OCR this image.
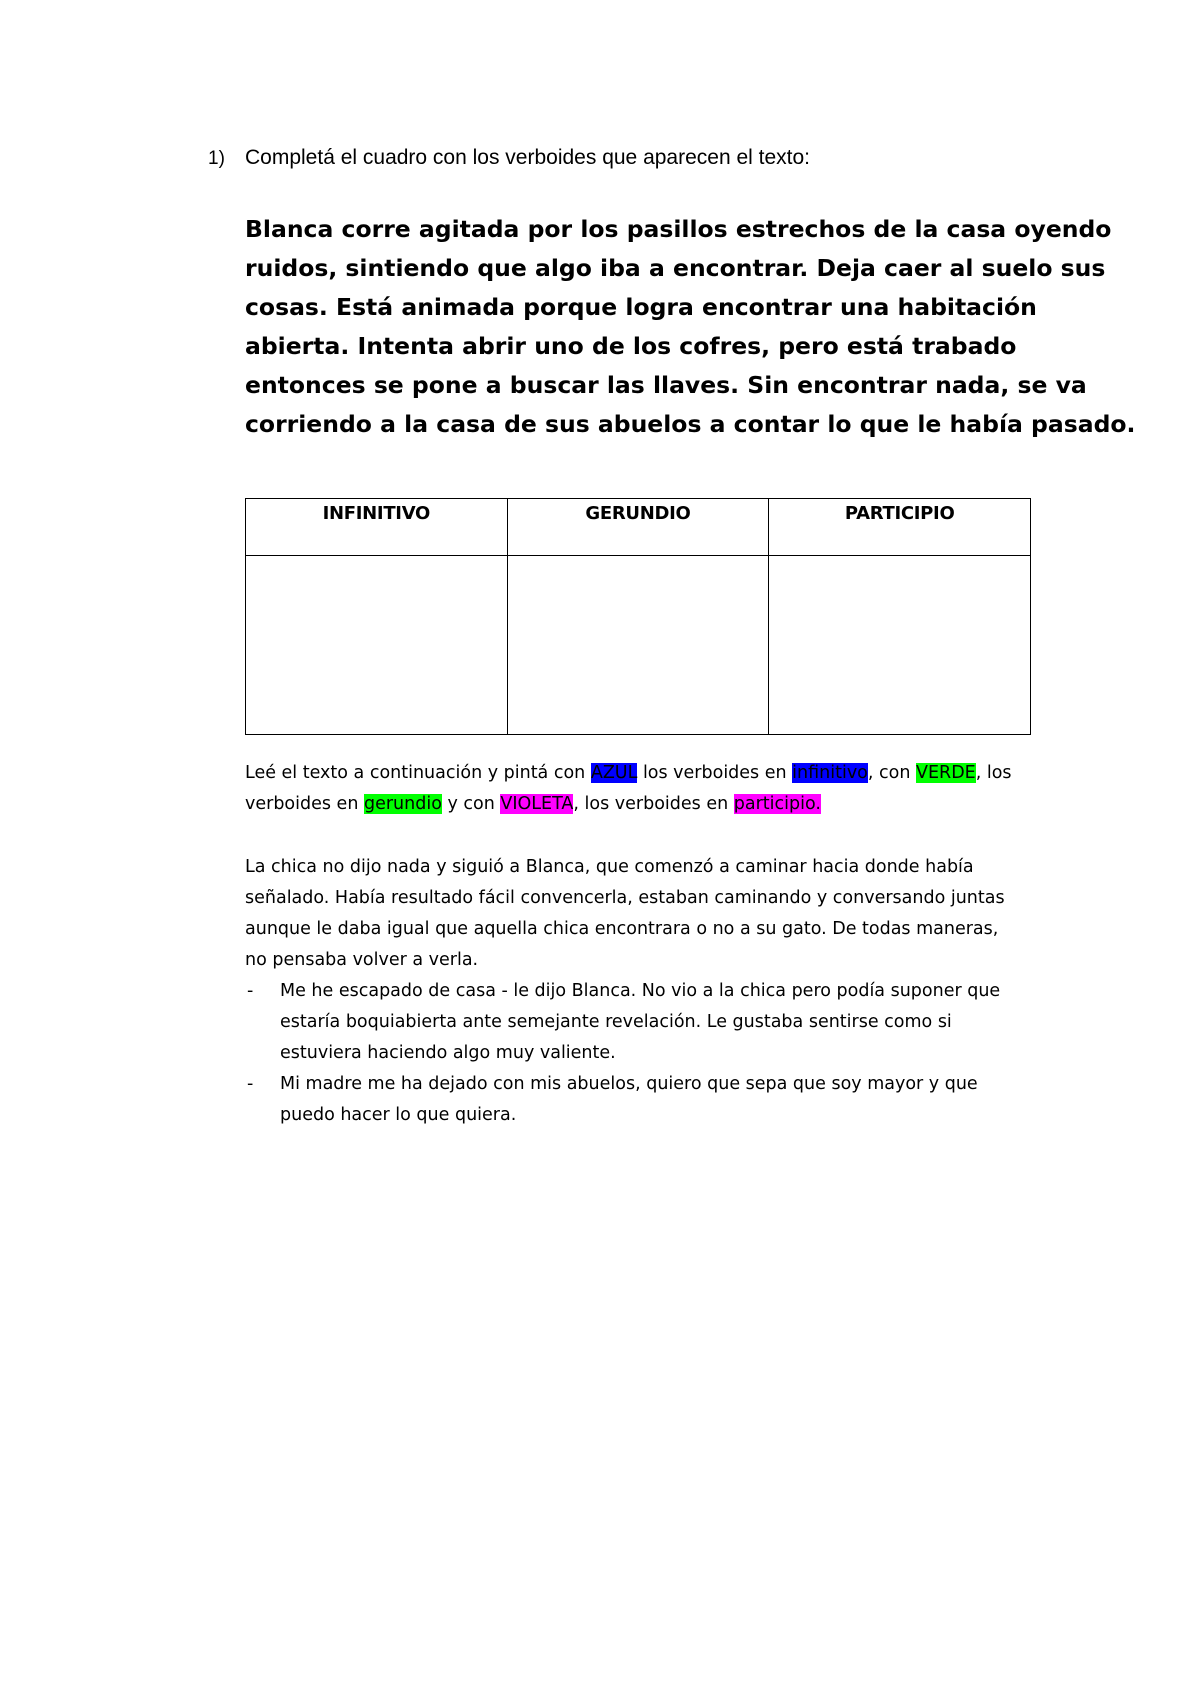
1) Completá el cuadro con los verboides que aparecen el texto:
Blanca corre agitada por los pasillos estrechos de la casa oyendo
ruidos, sintiendo que algo iba a encontrar. Deja caer al suelo sus
cosas. Está animada porque logra encontrar una habitación
abierta. Intenta abrir uno de los cofres, pero está trabado
entonces se pone a buscar las llaves. Sin encontrar nada, se va
corriendo a la casa de sus abuelos a contar lo que le había pasado.
INFINITIVO	GERUNDIO	PARTICIPIO

Leé el texto a continuación y pintá con AZUL los verboides en infinitivo, con VERDE, los
verboides en gerundio y con VIOLETA, los verboides en participio.
La chica no dijo nada y siguió a Blanca, que comenzó a caminar hacia donde había
señalado. Había resultado fácil convencerla, estaban caminando y conversando juntas
aunque le daba igual que aquella chica encontrara o no a su gato. De todas maneras,
no pensaba volver a verla.
- Me he escapado de casa - le dijo Blanca. No vio a la chica pero podía suponer que
estaría boquiabierta ante semejante revelación. Le gustaba sentirse como si
estuviera haciendo algo muy valiente.
- Mi madre me ha dejado con mis abuelos, quiero que sepa que soy mayor y que
puedo hacer lo que quiera.
